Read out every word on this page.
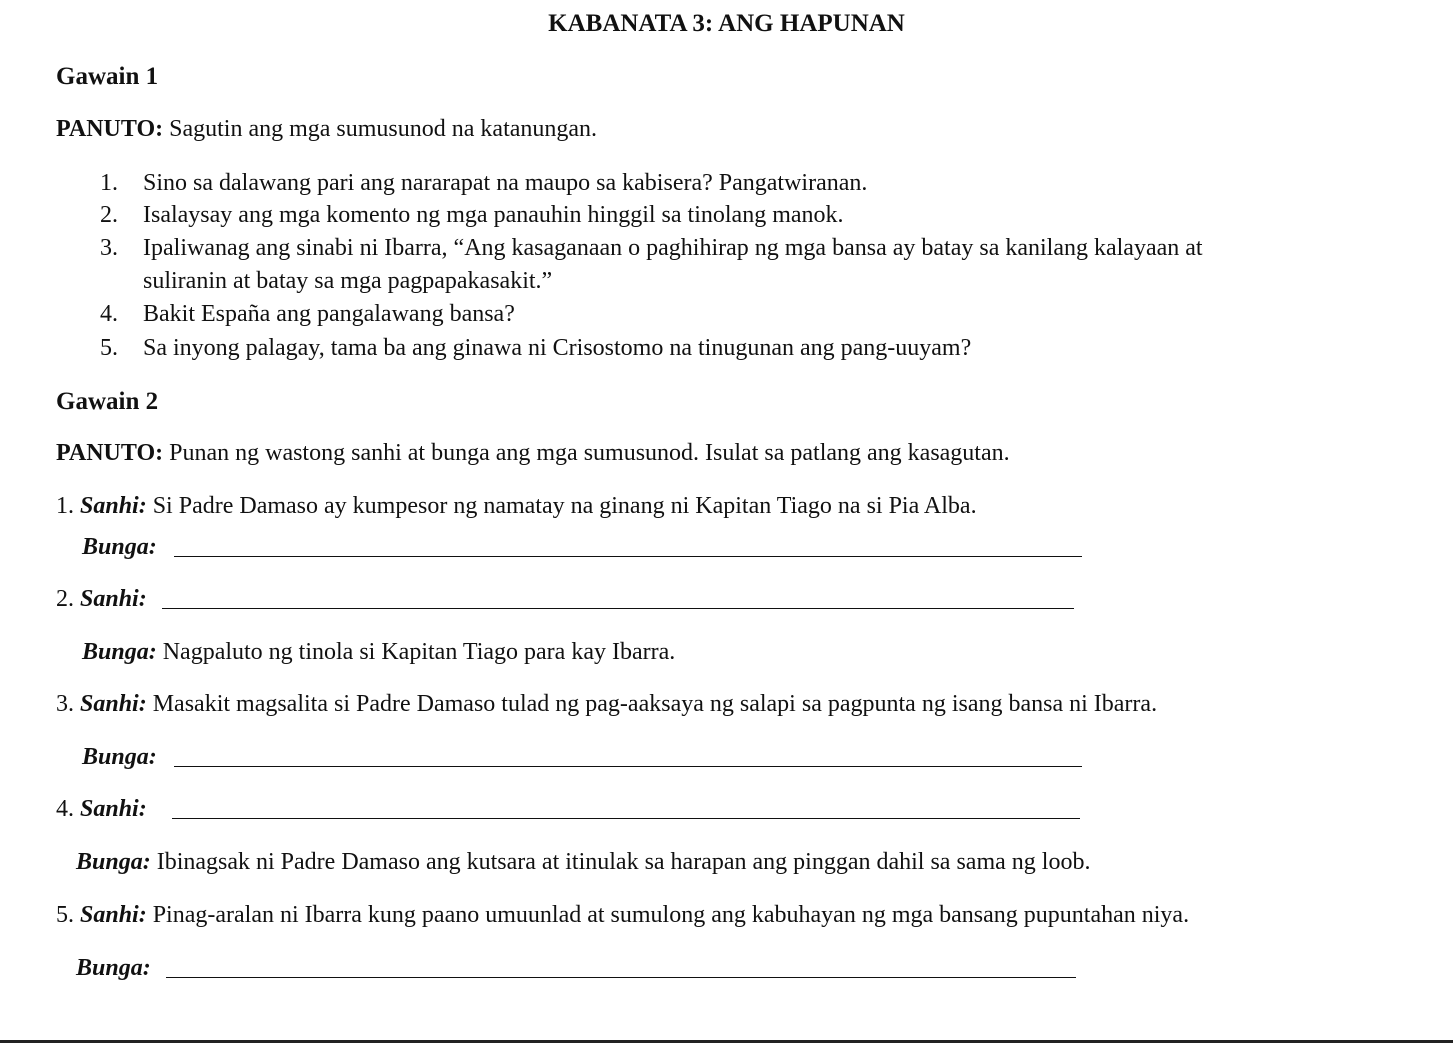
KABANATA 3: ANG HAPUNAN
Gawain 1
PANUTO: Sagutin ang mga sumusunod na katanungan.
1. Sino sa dalawang pari ang nararapat na maupo sa kabisera? Pangatwiranan.
2. Isalaysay ang mga komento ng mga panauhin hinggil sa tinolang manok.
3. Ipaliwanag ang sinabi ni Ibarra, “Ang kasaganaan o paghihirap ng mga bansa ay batay sa kanilang kalayaan at
suliranin at batay sa mga pagpapakasakit.”
4. Bakit España ang pangalawang bansa?
5. Sa inyong palagay, tama ba ang ginawa ni Crisostomo na tinugunan ang pang-uuyam?
Gawain 2
PANUTO: Punan ng wastong sanhi at bunga ang mga sumusunod. Isulat sa patlang ang kasagutan.
1. Sanhi: Si Padre Damaso ay kumpesor ng namatay na ginang ni Kapitan Tiago na si Pia Alba.
Bunga:
2. Sanhi:
Bunga: Nagpaluto ng tinola si Kapitan Tiago para kay Ibarra.
3. Sanhi: Masakit magsalita si Padre Damaso tulad ng pag-aaksaya ng salapi sa pagpunta ng isang bansa ni Ibarra.
Bunga:
4. Sanhi:
Bunga: Ibinagsak ni Padre Damaso ang kutsara at itinulak sa harapan ang pinggan dahil sa sama ng loob.
5. Sanhi: Pinag-aralan ni Ibarra kung paano umuunlad at sumulong ang kabuhayan ng mga bansang pupuntahan niya.
Bunga:
